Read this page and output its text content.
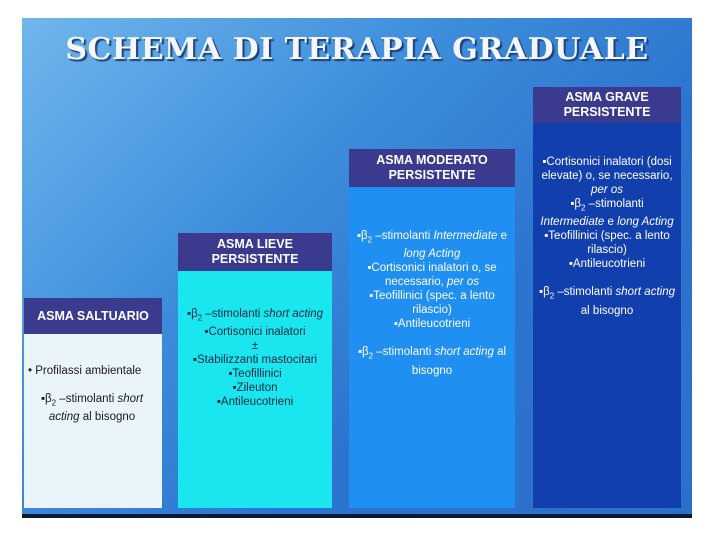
SCHEMA DI TERAPIA GRADUALE
ASMA SALTUARIO

• Profilassi ambientale

$▪\beta_2$ –stimolanti short acting al bisogno

ASMA LIEVE
PERSISTENTE

$▪\beta_2$ –stimolanti short acting

▪Cortisonici inalatori

±

▪Stabilizzanti mastocitari

▪Teofillinici

▪Zileuton

▪Antileucotrieni

ASMA MODERATO
PERSISTENTE

$▪\beta_2$ –stimolanti Intermediate e long Acting

▪Cortisonici inalatori o, se necessario, per os

▪Teofillinici (spec. a lento rilascio)

▪Antileucotrieni

$▪\beta_2$ –stimolanti short acting al bisogno

ASMA GRAVE
PERSISTENTE

▪Cortisonici inalatori (dosi elevate) o, se necessario, per os

$▪\beta_2$ –stimolanti Intermediate e long Acting

▪Teofillinici (spec. a lento rilascio)

▪Antileucotrieni

$▪\beta_2$ –stimolanti short acting al bisogno
